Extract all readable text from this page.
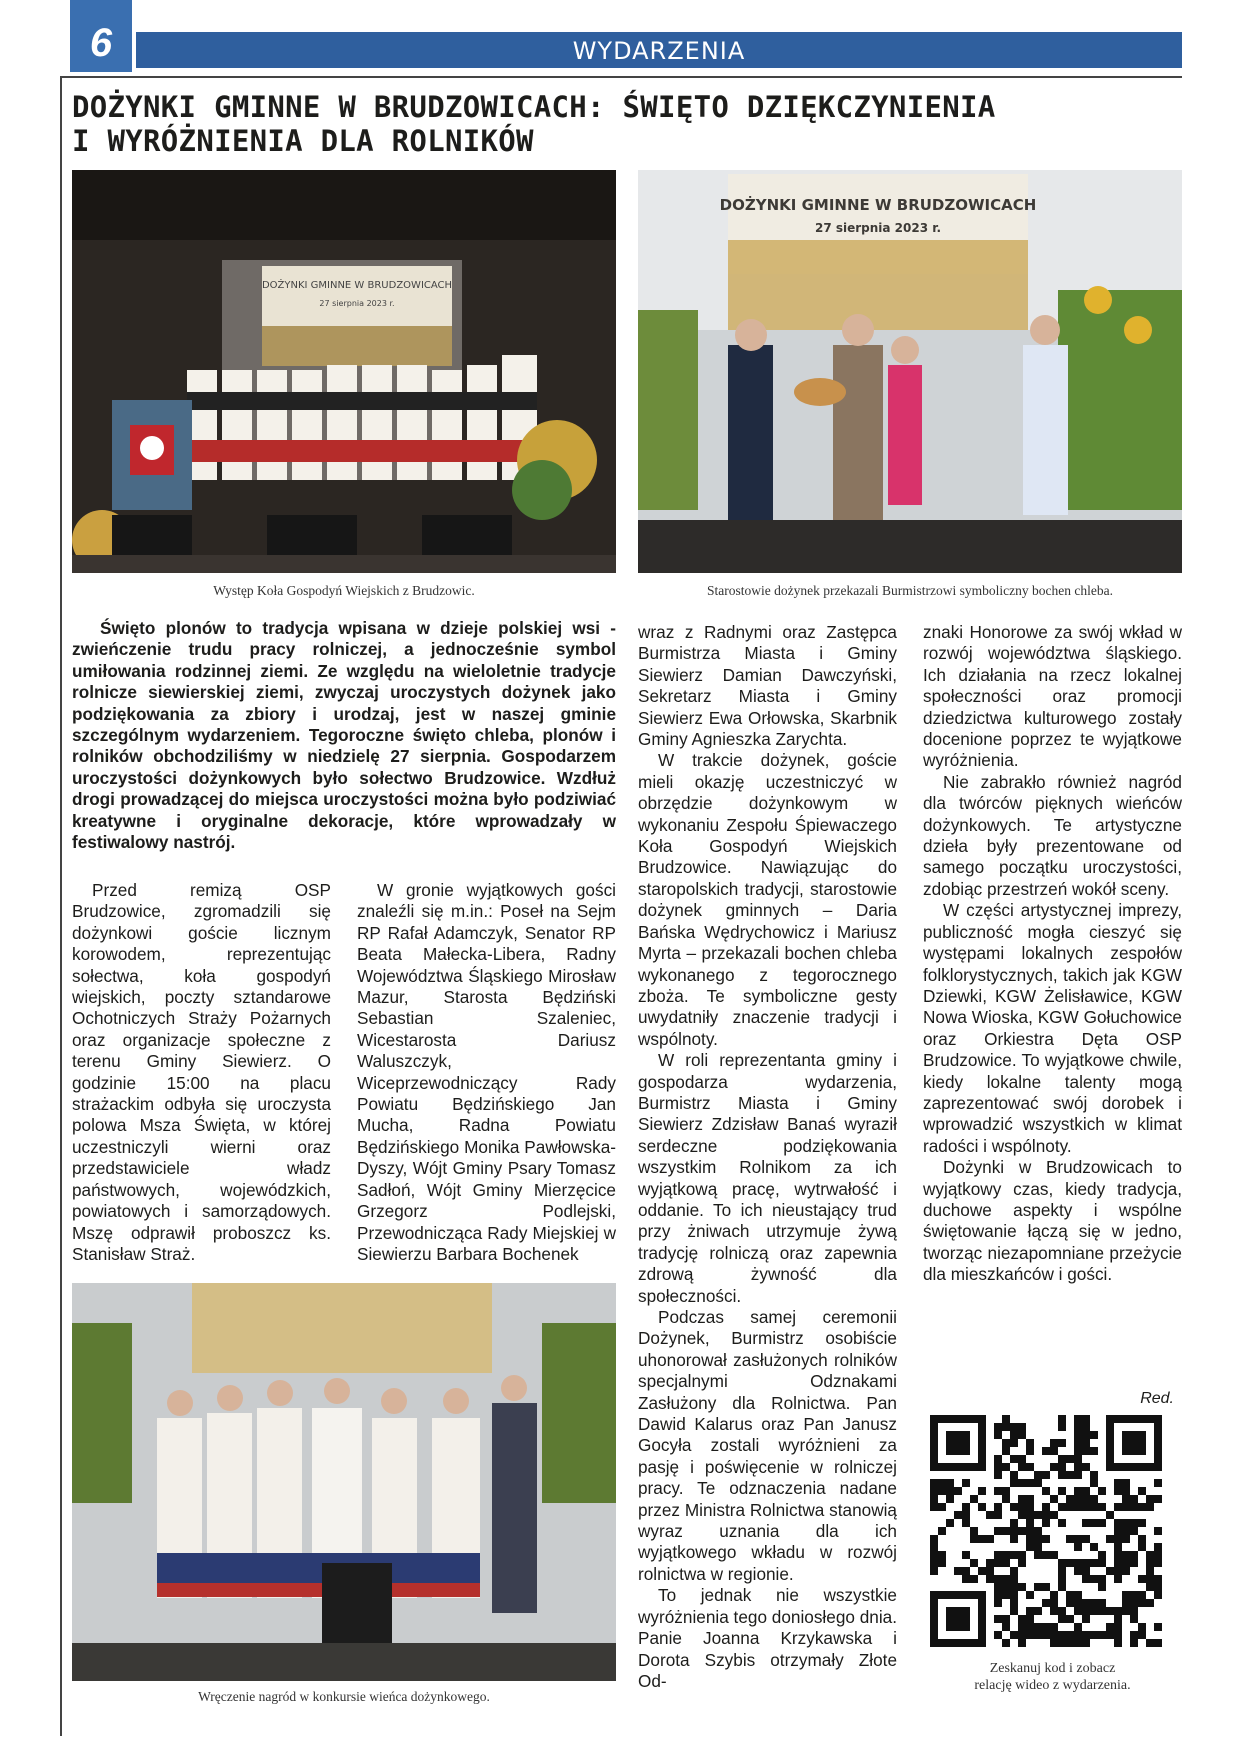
6	WYDARZENIA
DOŻYNKI GMINNE W BRUDZOWICACH: ŚWIĘTO DZIĘKCZYNIENIA
I WYRÓŻNIENIA DLA ROLNIKÓW
DOŻYNKI GMINNE W BRUDZOWICACH
27 sierpnia 2023 r.
Występ Koła Gospodyń Wiejskich z Brudzowic.
DOŻYNKI GMINNE W BRUDZOWICACH
27 sierpnia 2023 r.
Starostowie dożynek przekazali Burmistrzowi symboliczny bochen chleba.

Święto plonów to tradycja wpisana w dzieje polskiej wsi - zwieńczenie trudu pracy rolniczej, a jednocześnie symbol umiłowania rodzinnej ziemi. Ze względu na wieloletnie tradycje rolnicze siewierskiej ziemi, zwyczaj uroczystych dożynek jako podziękowania za zbiory i urodzaj, jest w naszej gminie szczególnym wydarzeniem. Tegoroczne święto chleba, plonów i rolników obchodziliśmy w niedzielę 27 sierpnia. Gospodarzem uroczystości dożynkowych było sołectwo Brudzowice. Wzdłuż drogi prowadzącej do miejsca uroczystości można było podziwiać kreatywne i oryginalne dekoracje, które wprowadzały w festiwalowy nastrój.

Przed remizą OSP Brudzowice, zgromadzili się dożynkowi goście licznym korowodem, reprezentując sołectwa, koła gospodyń wiejskich, poczty sztandarowe Ochotniczych Straży Pożarnych oraz organizacje społeczne z terenu Gminy Siewierz. O godzinie 15:00 na placu strażackim odbyła się uroczysta polowa Msza Święta, w której uczestniczyli wierni oraz przedstawiciele władz państwowych, wojewódzkich, powiatowych i samorządowych. Mszę odprawił proboszcz ks. Stanisław Straż.

W gronie wyjątkowych gości znaleźli się m.in.: Poseł na Sejm RP Rafał Adamczyk, Senator RP Beata Małecka-Libera, Radny Województwa Śląskiego Mirosław Mazur, Starosta Będziński Sebastian Szaleniec, Wicestarosta Dariusz Waluszczyk, Wiceprzewodniczący Rady Powiatu Będzińskiego Jan Mucha, Radna Powiatu Będzińskiego Monika Pawłowska-Dyszy, Wójt Gminy Psary Tomasz Sadłoń, Wójt Gminy Mierzęcice Grzegorz Podlejski, Przewodnicząca Rady Miejskiej w Siewierzu Barbara Bochenek

Wręczenie nagród w konkursie wieńca dożynkowego.

wraz z Radnymi oraz Zastępca Burmistrza Miasta i Gminy Siewierz Damian Dawczyński, Sekretarz Miasta i Gminy Siewierz Ewa Orłowska, Skarbnik Gminy Agnieszka Zarychta.

W trakcie dożynek, goście mieli okazję uczestniczyć w obrzędzie dożynkowym w wykonaniu Zespołu Śpiewaczego Koła Gospodyń Wiejskich Brudzowice. Nawiązując do staropolskich tradycji, starostowie dożynek gminnych – Daria Bańska Wędrychowicz i Mariusz Myrta – przekazali bochen chleba wykonanego z tegorocznego zboża. Te symboliczne gesty uwydatniły znaczenie tradycji i wspólnoty.

W roli reprezentanta gminy i gospodarza wydarzenia, Burmistrz Miasta i Gminy Siewierz Zdzisław Banaś wyraził serdeczne podziękowania wszystkim Rolnikom za ich wyjątkową pracę, wytrwałość i oddanie. To ich nieustający trud przy żniwach utrzymuje żywą tradycję rolniczą oraz zapewnia zdrową żywność dla społeczności.

Podczas samej ceremonii Dożynek, Burmistrz osobiście uhonorował zasłużonych rolników specjalnymi Odznakami Zasłużony dla Rolnictwa. Pan Dawid Kalarus oraz Pan Janusz Gocyła zostali wyróżnieni za pasję i poświęcenie w rolniczej pracy. Te odznaczenia nadane przez Ministra Rolnictwa stanowią wyraz uznania dla ich wyjątkowego wkładu w rozwój rolnictwa w regionie.

To jednak nie wszystkie wyróżnienia tego doniosłego dnia. Panie Joanna Krzykawska i Dorota Szybis otrzymały Złote Od-

znaki Honorowe za swój wkład w rozwój województwa śląskiego. Ich działania na rzecz lokalnej społeczności oraz promocji dziedzictwa kulturowego zostały docenione poprzez te wyjątkowe wyróżnienia.

Nie zabrakło również nagród dla twórców pięknych wieńców dożynkowych. Te artystyczne dzieła były prezentowane od samego początku uroczystości, zdobiąc przestrzeń wokół sceny.

W części artystycznej imprezy, publiczność mogła cieszyć się występami lokalnych zespołów folklorystycznych, takich jak KGW Dziewki, KGW Żelisławice, KGW Nowa Wioska, KGW Gołuchowice oraz Orkiestra Dęta OSP Brudzowice. To wyjątkowe chwile, kiedy lokalne talenty mogą zaprezentować swój dorobek i wprowadzić wszystkich w klimat radości i wspólnoty.

Dożynki w Brudzowicach to wyjątkowy czas, kiedy tradycja, duchowe aspekty i wspólne świętowanie łączą się w jedno, tworząc niezapomniane przeżycie dla mieszkańców i gości.

Red.
Zeskanuj kod i zobacz
relację wideo z wydarzenia.
